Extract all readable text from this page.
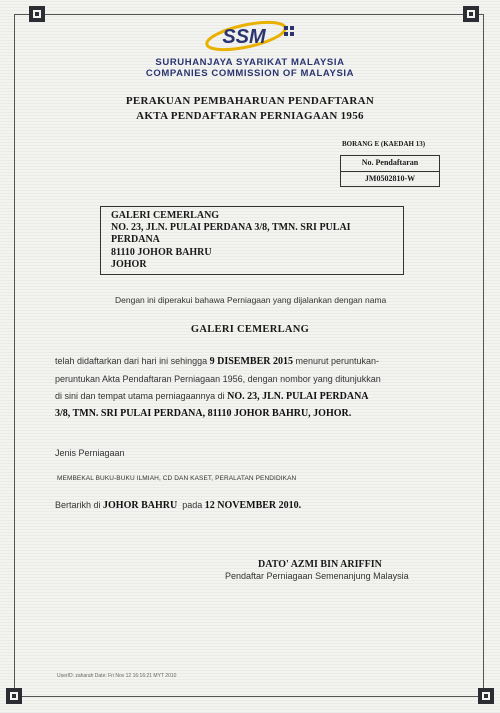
SSM
SURUHANJAYA SYARIKAT MALAYSIA
COMPANIES COMMISSION OF MALAYSIA
PERAKUAN PEMBAHARUAN PENDAFTARAN
AKTA PENDAFTARAN PERNIAGAAN 1956
BORANG E (KAEDAH 13)
No. Pendaftaran
JM0502810-W
GALERI CEMERLANG
NO. 23, JLN. PULAI PERDANA 3/8, TMN. SRI PULAI
PERDANA
81110 JOHOR BAHRU
JOHOR
Dengan ini diperakui bahawa Perniagaan yang dijalankan dengan nama
GALERI CEMERLANG
telah didaftarkan dari hari ini sehingga 9 DISEMBER 2015 menurut peruntukan-
peruntukan Akta Pendaftaran Perniagaan 1956, dengan nombor yang ditunjukkan
di sini dan tempat utama perniagaannya di NO. 23, JLN. PULAI PERDANA
3/8, TMN. SRI PULAI PERDANA, 81110 JOHOR BAHRU, JOHOR.
Jenis Perniagaan
MEMBEKAL BUKU-BUKU ILMIAH, CD DAN KASET, PERALATAN PENDIDIKAN
Bertarikh di JOHOR BAHRU  pada 12 NOVEMBER 2010.
DATO' AZMI BIN ARIFFIN
Pendaftar Perniagaan Semenanjung Malaysia
UserID: zaharah Date: Fri Nov 12 16:16:21 MYT 2010
